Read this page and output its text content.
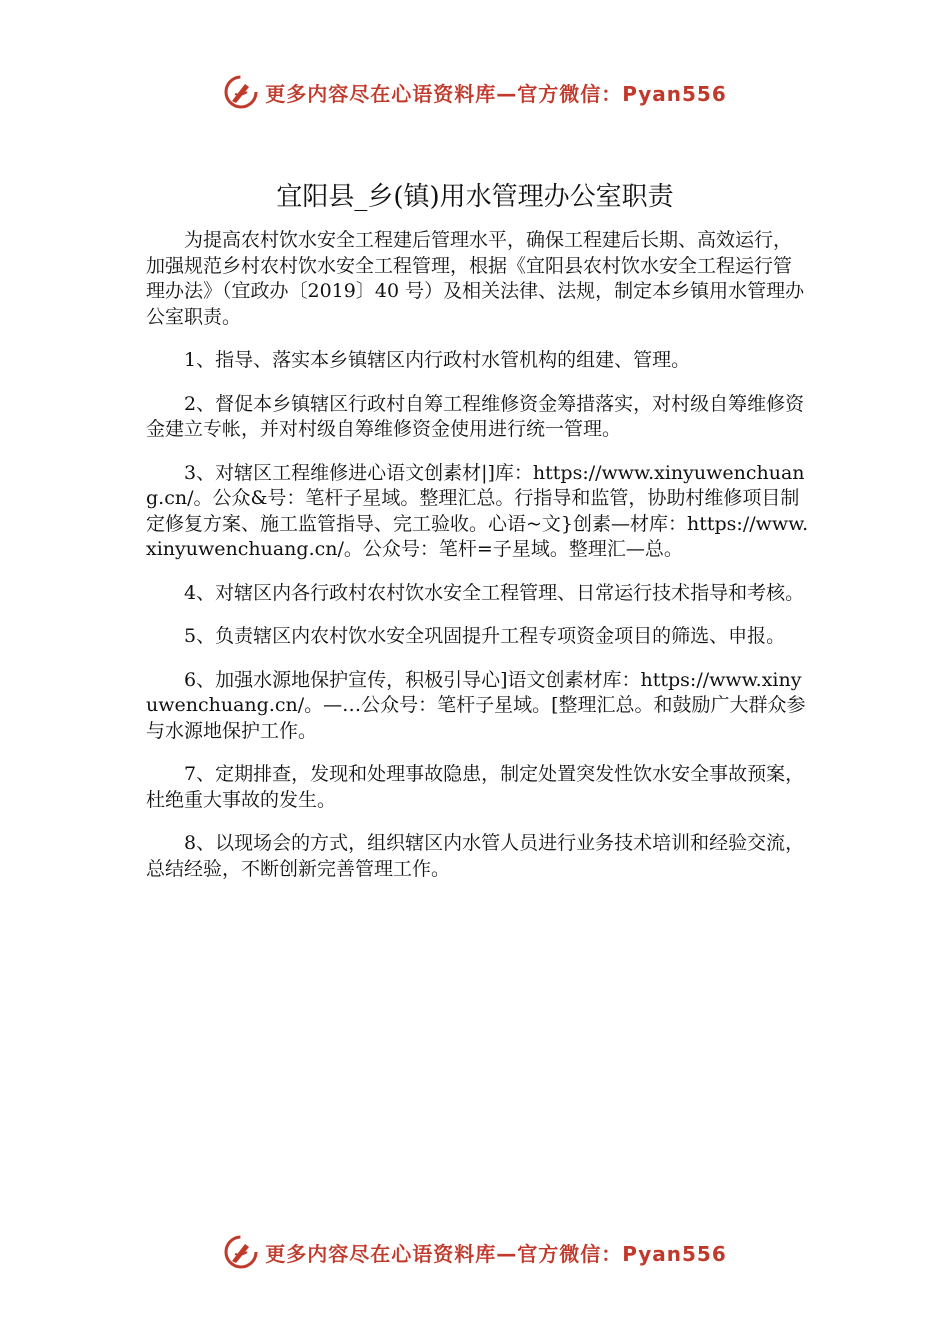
更多内容尽在心语资料库—官方微信：Pyan556
宜阳县_乡(镇)用水管理办公室职责

为提高农村饮水安全工程建后管理水平，确保工程建后长期、高效运行，加强规范乡村农村饮水安全工程管理，根据《宜阳县农村饮水安全工程运行管理办法》（宜政办〔2019〕40 号）及相关法律、法规，制定本乡镇用水管理办公室职责。

1、指导、落实本乡镇辖区内行政村水管机构的组建、管理。

2、督促本乡镇辖区行政村自筹工程维修资金筹措落实，对村级自筹维修资金建立专帐，并对村级自筹维修资金使用进行统一管理。

3、对辖区工程维修进心语文创素材|]库：https://www.xinyuwenchuang.cn/。公众&号：笔杆子星域。整理汇总。行指导和监管，协助村维修项目制定修复方案、施工监管指导、完工验收。心语~文}创素—材库：https://www.xinyuwenchuang.cn/。公众号：笔杆=子星域。整理汇—总。

4、对辖区内各行政村农村饮水安全工程管理、日常运行技术指导和考核。

5、负责辖区内农村饮水安全巩固提升工程专项资金项目的筛选、申报。

6、加强水源地保护宣传，积极引导心]语文创素材库：https://www.xinyuwenchuang.cn/。—…公众号：笔杆子星域。[整理汇总。和鼓励广大群众参与水源地保护工作。

7、定期排查，发现和处理事故隐患，制定处置突发性饮水安全事故预案，杜绝重大事故的发生。

8、以现场会的方式，组织辖区内水管人员进行业务技术培训和经验交流，总结经验，不断创新完善管理工作。

更多内容尽在心语资料库—官方微信：Pyan556
